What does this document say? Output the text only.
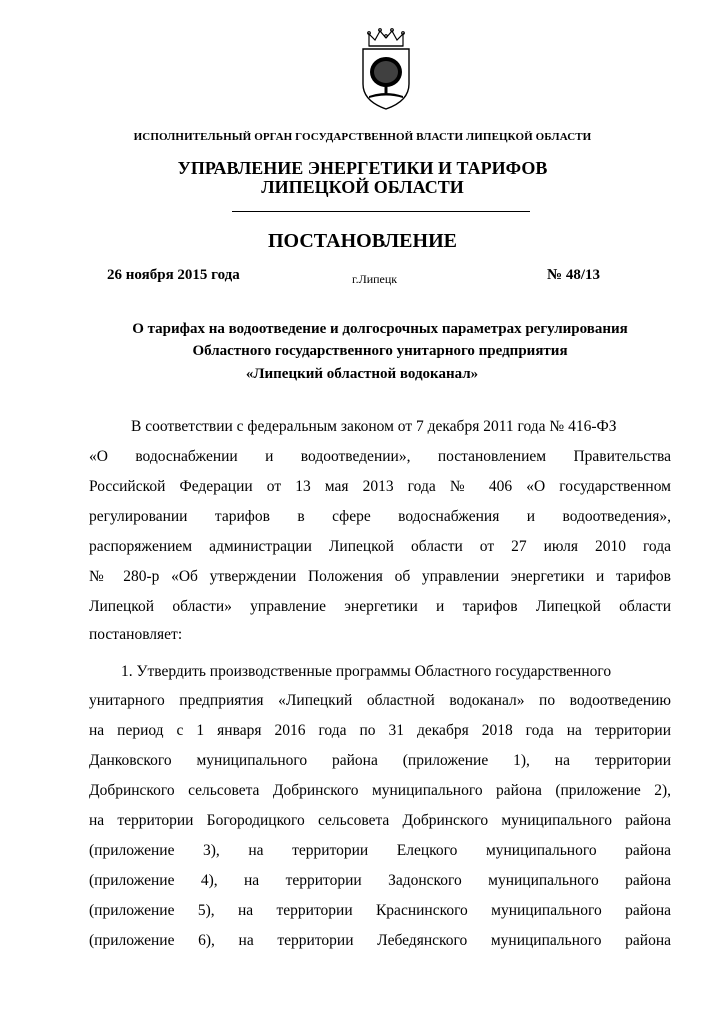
ИСПОЛНИТЕЛЬНЫЙ ОРГАН ГОСУДАРСТВЕННОЙ ВЛАСТИ ЛИПЕЦКОЙ ОБЛАСТИ
УПРАВЛЕНИЕ ЭНЕРГЕТИКИ И ТАРИФОВ
ЛИПЕЦКОЙ ОБЛАСТИ
ПОСТАНОВЛЕНИЕ
26 ноября 2015 года	г.Липецк	№ 48/13
О тарифах на водоотведение и долгосрочных параметрах регулирования
Областного государственного унитарного предприятия
«Липецкий областной водоканал»
В соответствии с федеральным законом от 7 декабря 2011 года № 416-ФЗ
«О водоснабжении и водоотведении», постановлением Правительства
Российской Федерации от 13 мая 2013 года № 406 «О государственном
регулировании тарифов в сфере водоснабжения и водоотведения»,
распоряжением администрации Липецкой области от 27 июля 2010 года
№ 280-р «Об утверждении Положения об управлении энергетики и тарифов
Липецкой области» управление энергетики и тарифов Липецкой области
постановляет:
1. Утвердить производственные программы Областного государственного
унитарного предприятия «Липецкий областной водоканал» по водоотведению
на период с 1 января 2016 года по 31 декабря 2018 года на территории
Данковского муниципального района (приложение 1), на территории
Добринского сельсовета Добринского муниципального района (приложение 2),
на территории Богородицкого сельсовета Добринского муниципального района
(приложение 3), на территории Елецкого муниципального района
(приложение 4), на территории Задонского муниципального района
(приложение 5), на территории Краснинского муниципального района
(приложение 6), на территории Лебедянского муниципального района
